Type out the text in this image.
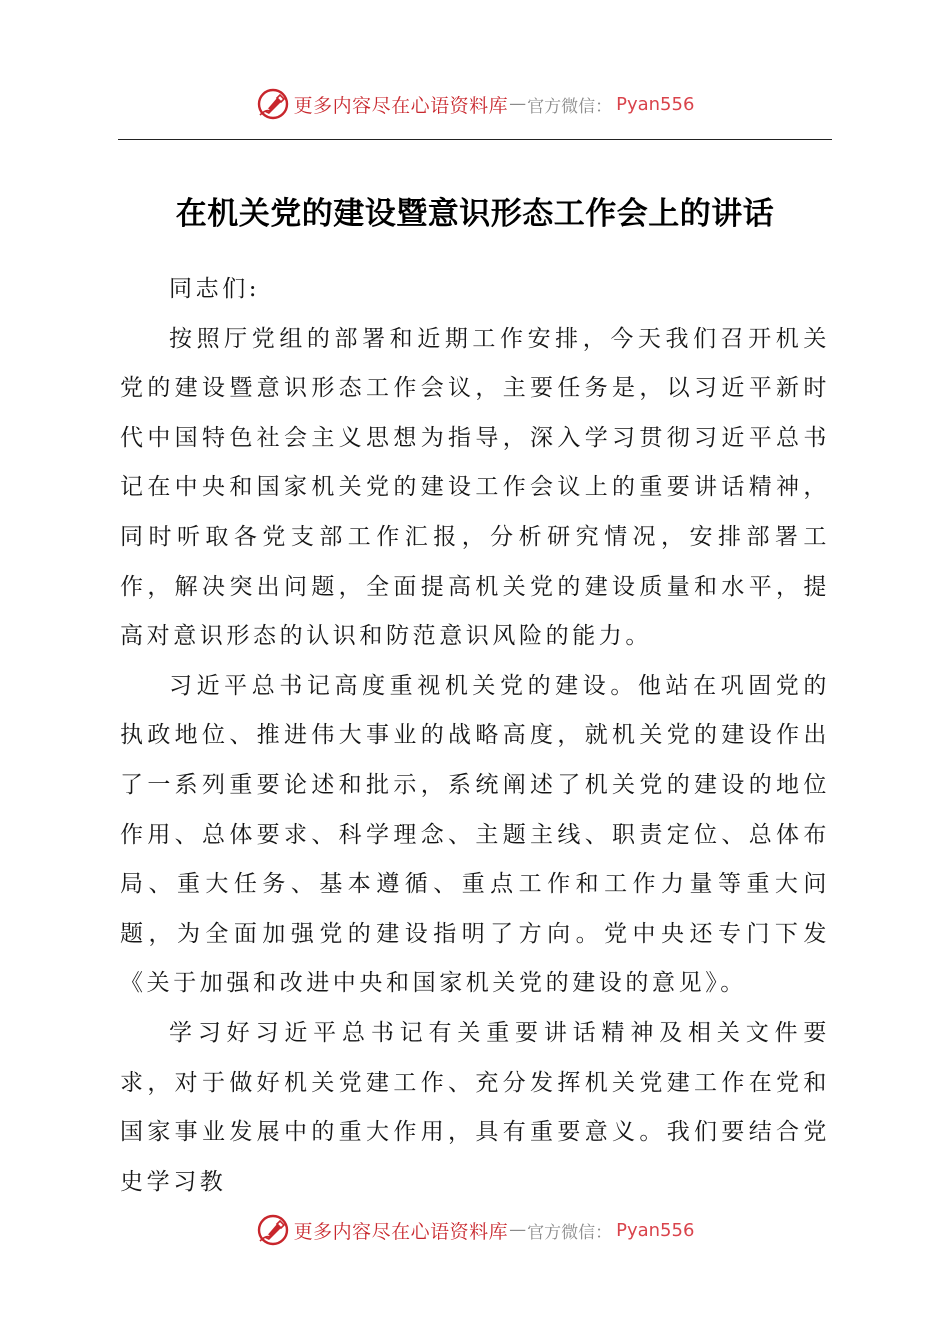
更多内容尽在心语资料库 — 官方微信： Pyan556
在机关党的建设暨意识形态工作会上的讲话

同志们:

按照厅党组的部署和近期工作安排，今天我们召开机关党的建设暨意识形态工作会议，主要任务是，以习近平新时代中国特色社会主义思想为指导，深入学习贯彻习近平总书记在中央和国家机关党的建设工作会议上的重要讲话精神，同时听取各党支部工作汇报，分析研究情况，安排部署工作，解决突出问题，全面提高机关党的建设质量和水平，提高对意识形态的认识和防范意识风险的能力。

习近平总书记高度重视机关党的建设。他站在巩固党的执政地位、推进伟大事业的战略高度，就机关党的建设作出了一系列重要论述和批示，系统阐述了机关党的建设的地位作用、总体要求、科学理念、主题主线、职责定位、总体布局、重大任务、基本遵循、重点工作和工作力量等重大问题，为全面加强党的建设指明了方向。党中央还专门下发《关于加强和改进中央和国家机关党的建设的意见》。

学习好习近平总书记有关重要讲话精神及相关文件要求，对于做好机关党建工作、充分发挥机关党建工作在党和国家事业发展中的重大作用，具有重要意义。我们要结合党史学习教

更多内容尽在心语资料库 — 官方微信： Pyan556
